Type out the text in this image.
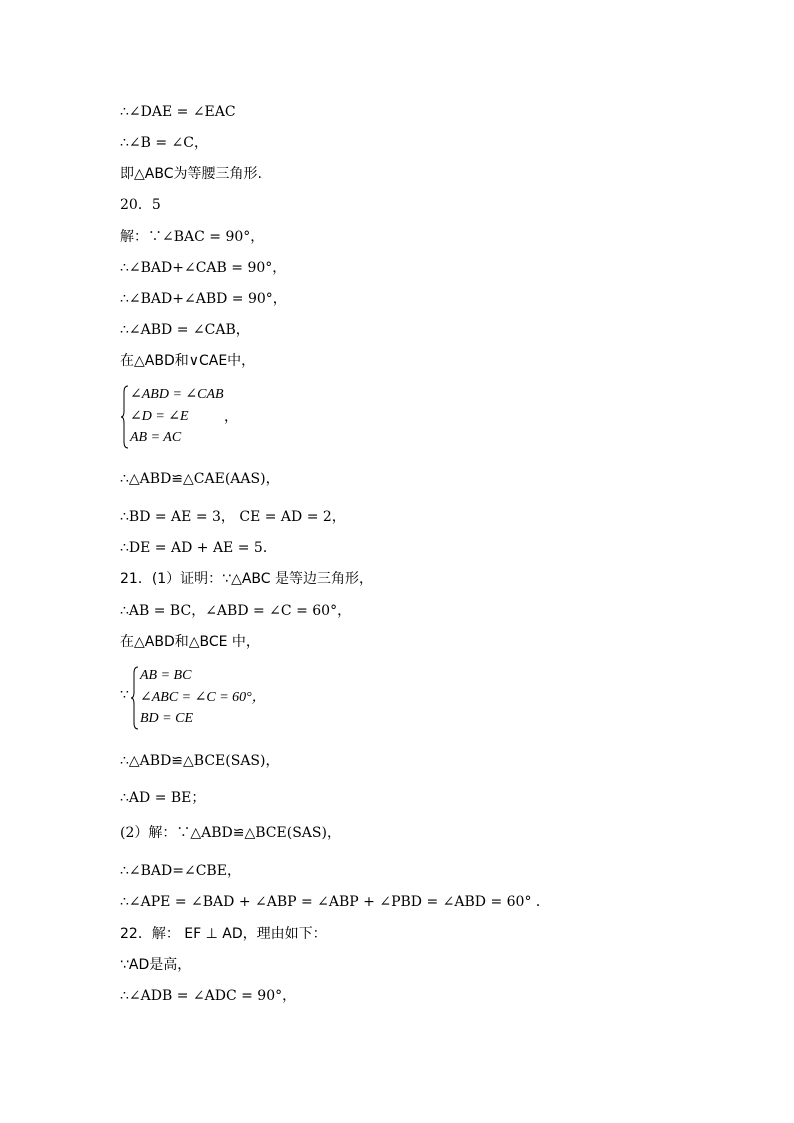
∴∠DAE = ∠EAC
∴∠B = ∠C，
即△ABC为等腰三角形.
20．5
解：∵∠BAC = 90°，
∴∠BAD+∠CAB = 90°，
∴∠BAD+∠ABD = 90°，
∴∠ABD = ∠CAB，
在△ABD和∨CAE中，
∠ABD = ∠CAB
∠D = ∠E
AB = AC
，
∴△ABD≌△CAE(AAS)，
∴BD = AE = 3， CE = AD = 2，
∴DE = AD + AE = 5．
21．(1）证明：∵△ABC 是等边三角形，
∴AB = BC，∠ABD = ∠C = 60°，
在△ABD和△BCE 中，
∵
AB = BC
∠ABC = ∠C = 60°，
BD = CE
∴△ABD≌△BCE(SAS)，
∴AD = BE；
(2）解：∵△ABD≌△BCE(SAS)，
∴∠BAD=∠CBE，
∴∠APE = ∠BAD + ∠ABP = ∠ABP + ∠PBD = ∠ABD = 60° ．
22．解： EF ⊥ AD，理由如下：
∵AD是高，
∴∠ADB = ∠ADC = 90°，
